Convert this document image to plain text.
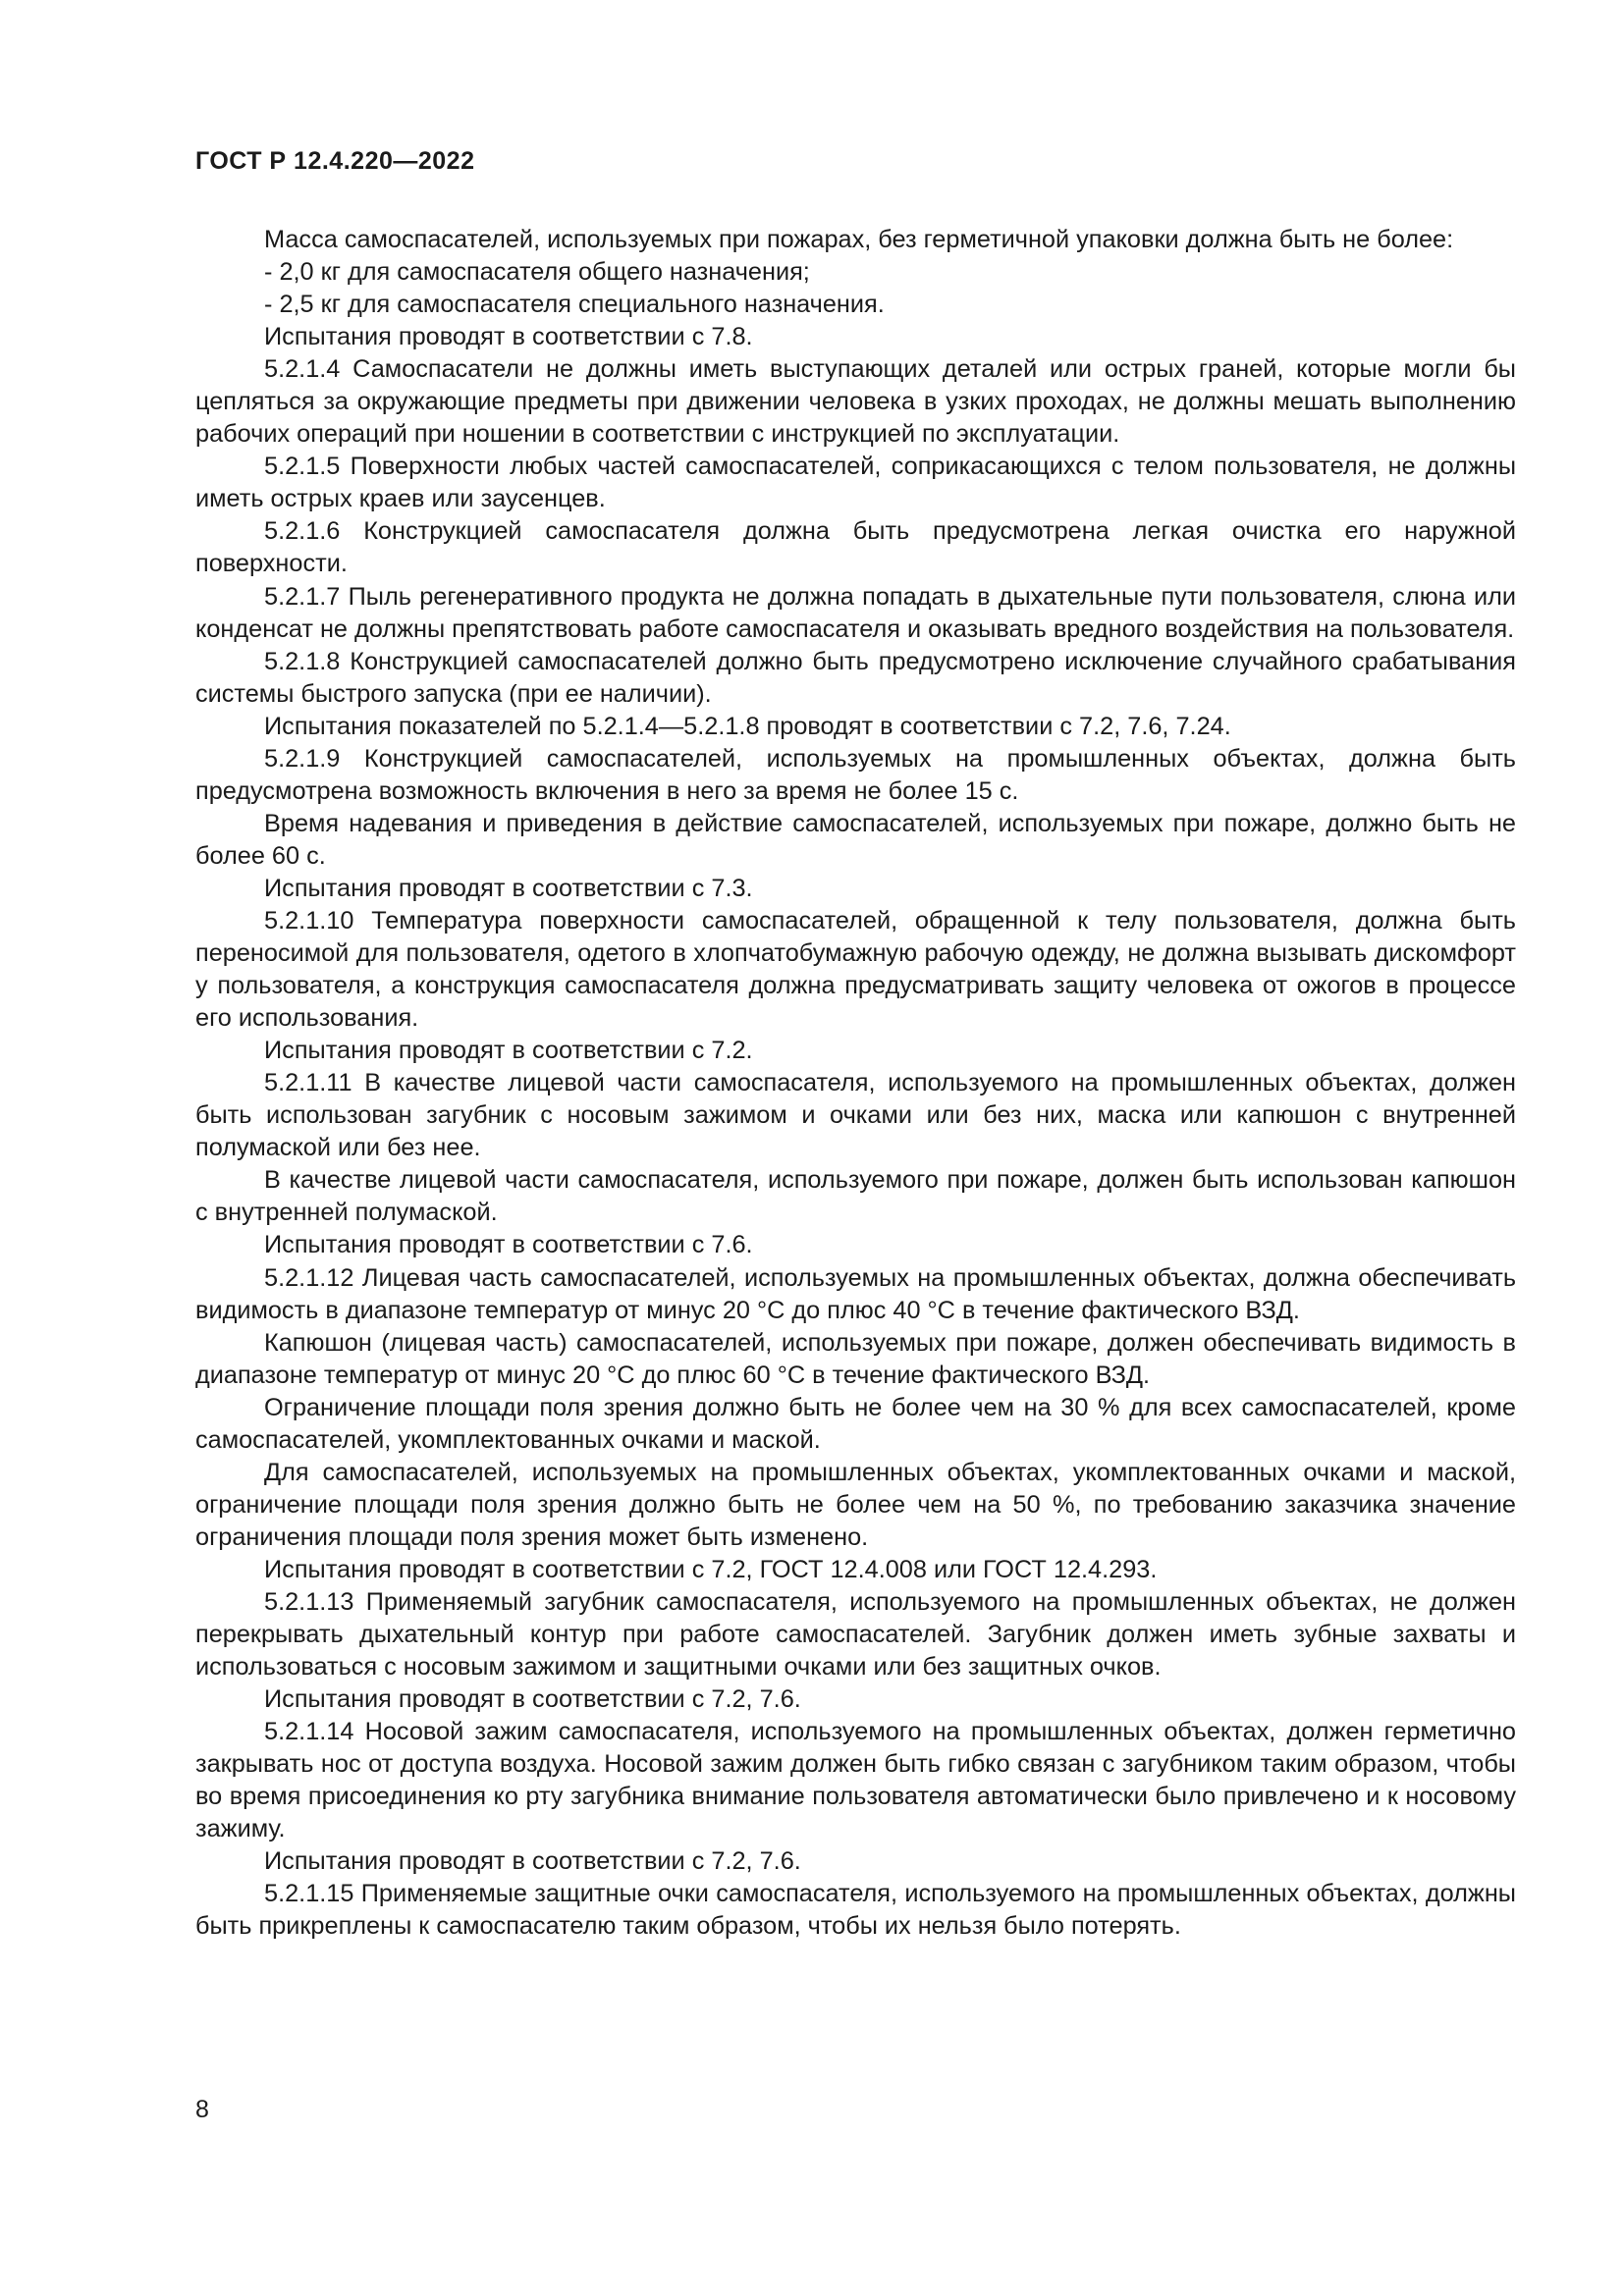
ГОСТ Р 12.4.220—2022

Масса самоспасателей, используемых при пожарах, без герметичной упаковки должна быть не более:

- 2,0 кг для самоспасателя общего назначения;

- 2,5 кг для самоспасателя специального назначения.

Испытания проводят в соответствии с 7.8.

5.2.1.4 Самоспасатели не должны иметь выступающих деталей или острых граней, которые могли бы цепляться за окружающие предметы при движении человека в узких проходах, не должны мешать выполнению рабочих операций при ношении в соответствии с инструкцией по эксплуатации.

5.2.1.5 Поверхности любых частей самоспасателей, соприкасающихся с телом пользователя, не должны иметь острых краев или заусенцев.

5.2.1.6 Конструкцией самоспасателя должна быть предусмотрена легкая очистка его наружной поверхности.

5.2.1.7 Пыль регенеративного продукта не должна попадать в дыхательные пути пользователя, слюна или конденсат не должны препятствовать работе самоспасателя и оказывать вредного воздействия на пользователя.

5.2.1.8 Конструкцией самоспасателей должно быть предусмотрено исключение случайного срабатывания системы быстрого запуска (при ее наличии).

Испытания показателей по 5.2.1.4—5.2.1.8 проводят в соответствии с 7.2, 7.6, 7.24.

5.2.1.9 Конструкцией самоспасателей, используемых на промышленных объектах, должна быть предусмотрена возможность включения в него за время не более 15 с.

Время надевания и приведения в действие самоспасателей, используемых при пожаре, должно быть не более 60 с.

Испытания проводят в соответствии с 7.3.

5.2.1.10 Температура поверхности самоспасателей, обращенной к телу пользователя, должна быть переносимой для пользователя, одетого в хлопчатобумажную рабочую одежду, не должна вызывать дискомфорт у пользователя, а конструкция самоспасателя должна предусматривать защиту человека от ожогов в процессе его использования.

Испытания проводят в соответствии с 7.2.

5.2.1.11 В качестве лицевой части самоспасателя, используемого на промышленных объектах, должен быть использован загубник с носовым зажимом и очками или без них, маска или капюшон с внутренней полумаской или без нее.

В качестве лицевой части самоспасателя, используемого при пожаре, должен быть использован капюшон с внутренней полумаской.

Испытания проводят в соответствии с 7.6.

5.2.1.12 Лицевая часть самоспасателей, используемых на промышленных объектах, должна обеспечивать видимость в диапазоне температур от минус 20 °С до плюс 40 °С в течение фактического ВЗД.

Капюшон (лицевая часть) самоспасателей, используемых при пожаре, должен обеспечивать видимость в диапазоне температур от минус 20 °С до плюс 60 °С в течение фактического ВЗД.

Ограничение площади поля зрения должно быть не более чем на 30 % для всех самоспасателей, кроме самоспасателей, укомплектованных очками и маской.

Для самоспасателей, используемых на промышленных объектах, укомплектованных очками и маской, ограничение площади поля зрения должно быть не более чем на 50 %, по требованию заказчика значение ограничения площади поля зрения может быть изменено.

Испытания проводят в соответствии с 7.2, ГОСТ 12.4.008 или ГОСТ 12.4.293.

5.2.1.13 Применяемый загубник самоспасателя, используемого на промышленных объектах, не должен перекрывать дыхательный контур при работе самоспасателей. Загубник должен иметь зубные захваты и использоваться с носовым зажимом и защитными очками или без защитных очков.

Испытания проводят в соответствии с 7.2, 7.6.

5.2.1.14 Носовой зажим самоспасателя, используемого на промышленных объектах, должен герметично закрывать нос от доступа воздуха. Носовой зажим должен быть гибко связан с загубником таким образом, чтобы во время присоединения ко рту загубника внимание пользователя автоматически было привлечено и к носовому зажиму.

Испытания проводят в соответствии с 7.2, 7.6.

5.2.1.15 Применяемые защитные очки самоспасателя, используемого на промышленных объектах, должны быть прикреплены к самоспасателю таким образом, чтобы их нельзя было потерять.

8
